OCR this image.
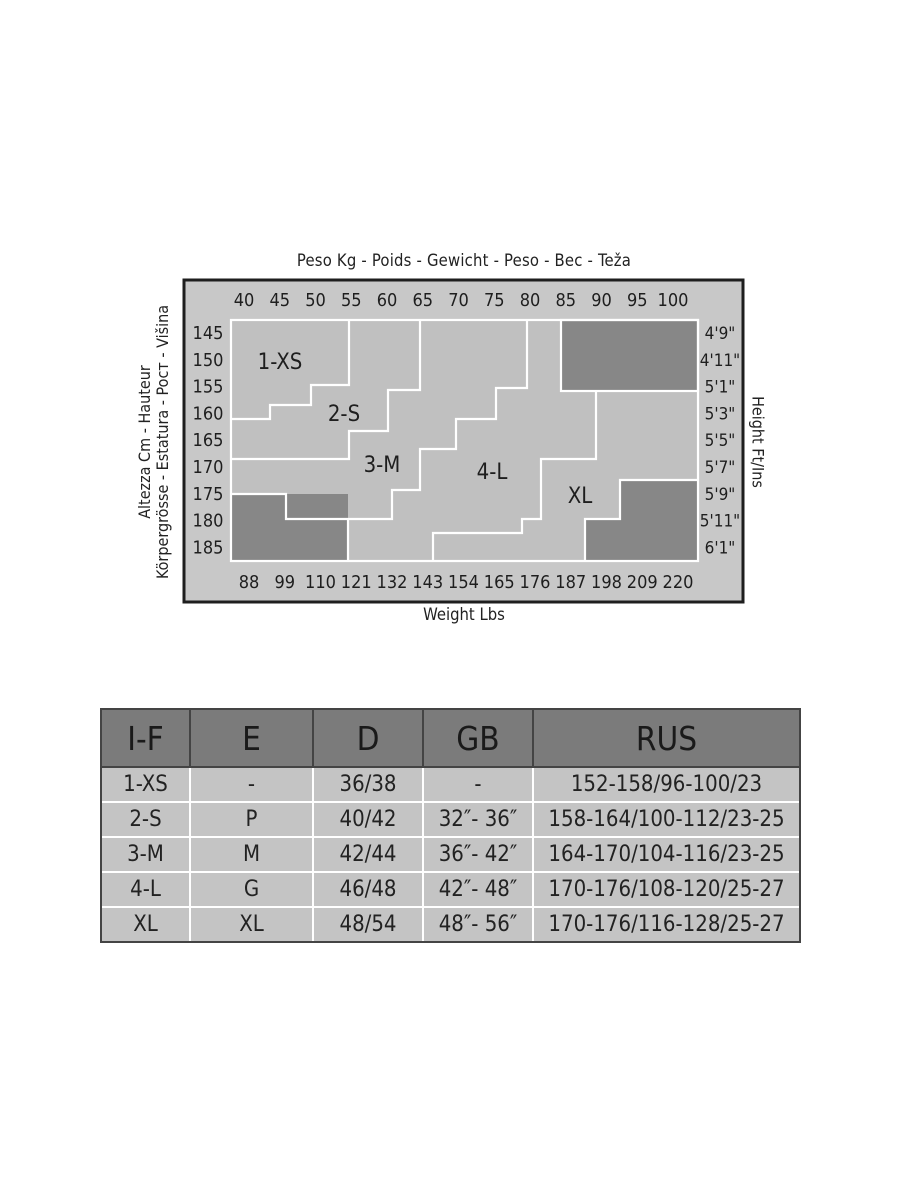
Peso Kg - Poids - Gewicht - Peso - Bec - Teža
40 45 50 55 60 65 70 75 80 85 90 95 100
88 99 110 121 132 143 154 165 176 187 198 209 220
145
150
155
160
165
170
175
180
185
4'9"
4'11"
5'1"
5'3"
5'5"
5'7"
5'9"
5'11"
6'1"
1-XS
2-S
3-M	4-L
XL
Weight Lbs
Altezza Cm - Hauteur Körpergrösse - Estatura - Pocт - Višina	Height Ft/Ins
I-F	E	D	GB	RUS
1-XS	-	36/38	-	152-158/96-100/23
2-S	P	40/42	32″- 36″	158-164/100-112/23-25
3-M	M	42/44	36″- 42″	164-170/104-116/23-25
4-L	G	46/48	42″- 48″	170-176/108-120/25-27
XL	XL	48/54	48″- 56″	170-176/116-128/25-27
